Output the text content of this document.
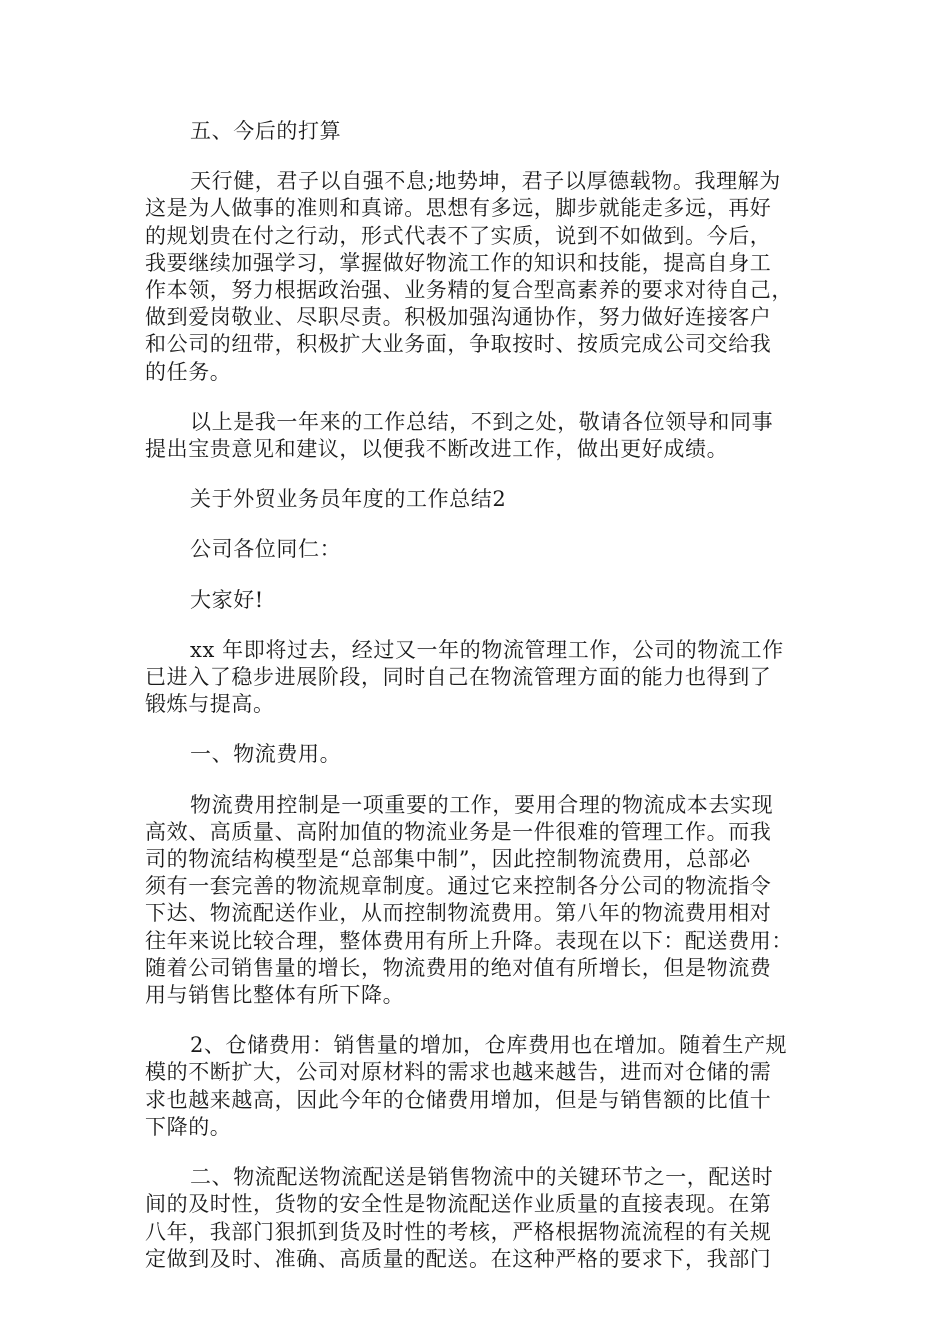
五、今后的打算

天行健，君子以自强不息;地势坤，君子以厚德载物。我理解为
这是为人做事的准则和真谛。思想有多远，脚步就能走多远，再好
的规划贵在付之行动，形式代表不了实质，说到不如做到。今后，
我要继续加强学习，掌握做好物流工作的知识和技能，提高自身工
作本领，努力根据政治强、业务精的复合型高素养的要求对待自己，
做到爱岗敬业、尽职尽责。积极加强沟通协作，努力做好连接客户
和公司的纽带，积极扩大业务面，争取按时、按质完成公司交给我
的任务。

以上是我一年来的工作总结，不到之处，敬请各位领导和同事
提出宝贵意见和建议，以便我不断改进工作，做出更好成绩。

关于外贸业务员年度的工作总结2

公司各位同仁：

大家好!

xx 年即将过去，经过又一年的物流管理工作，公司的物流工作
已进入了稳步进展阶段，同时自己在物流管理方面的能力也得到了
锻炼与提高。

一、物流费用。

物流费用控制是一项重要的工作，要用合理的物流成本去实现
高效、高质量、高附加值的物流业务是一件很难的管理工作。而我
司的物流结构模型是“总部集中制”，因此控制物流费用，总部必
须有一套完善的物流规章制度。通过它来控制各分公司的物流指令
下达、物流配送作业，从而控制物流费用。第八年的物流费用相对
往年来说比较合理，整体费用有所上升降。表现在以下：配送费用：
随着公司销售量的增长，物流费用的绝对值有所增长，但是物流费
用与销售比整体有所下降。

2、仓储费用：销售量的增加，仓库费用也在增加。随着生产规
模的不断扩大，公司对原材料的需求也越来越告，进而对仓储的需
求也越来越高，因此今年的仓储费用增加，但是与销售额的比值十
下降的。

二、物流配送物流配送是销售物流中的关键环节之一，配送时
间的及时性，货物的安全性是物流配送作业质量的直接表现。在第
八年，我部门狠抓到货及时性的考核，严格根据物流流程的有关规
定做到及时、准确、高质量的配送。在这种严格的要求下，我部门
